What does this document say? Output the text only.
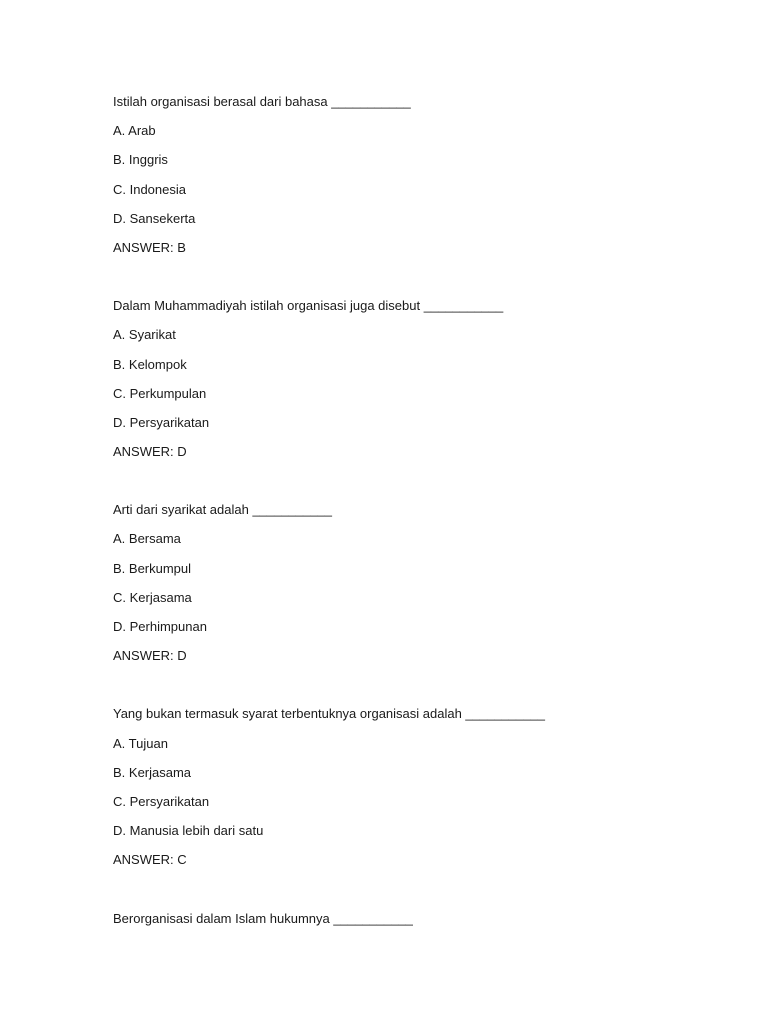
Istilah organisasi berasal dari bahasa ___________
A. Arab
B. Inggris
C. Indonesia
D. Sansekerta
ANSWER: B
Dalam Muhammadiyah istilah organisasi juga disebut ___________
A. Syarikat
B. Kelompok
C. Perkumpulan
D. Persyarikatan
ANSWER: D
Arti dari syarikat adalah ___________
A. Bersama
B. Berkumpul
C. Kerjasama
D. Perhimpunan
ANSWER: D
Yang bukan termasuk syarat terbentuknya organisasi adalah ___________
A. Tujuan
B. Kerjasama
C. Persyarikatan
D. Manusia lebih dari satu
ANSWER: C
Berorganisasi dalam Islam hukumnya ___________
